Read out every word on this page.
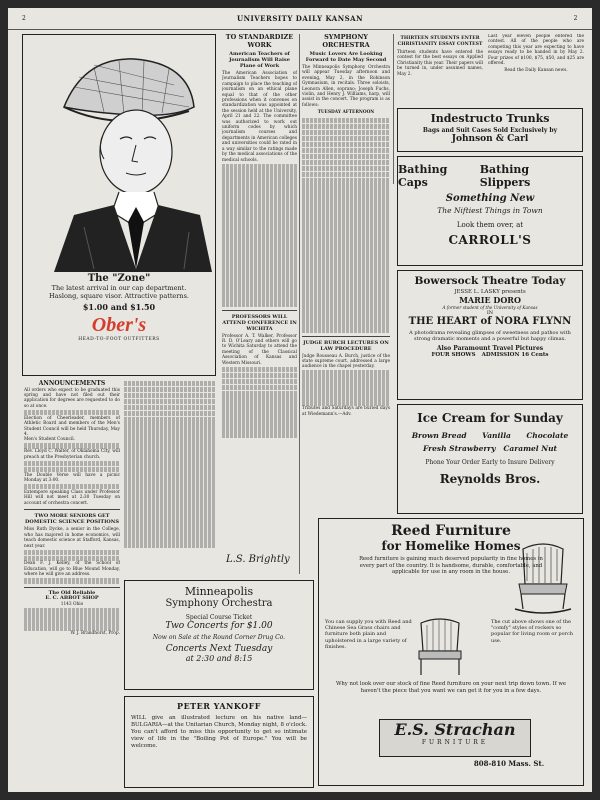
2	UNIVERSITY DAILY KANSAN	2
The "Zone"
The latest arrival in our cap department. Haslong, square visor. Attractive patterns.
$1.00 and $1.50
Ober's
HEAD-TO-FOOT OUTFITTERS
ANNOUNCEMENTS
All orders who expect to be graduated this spring and have not filed out their application for degrees are requested to do so at once.
Election of Cheerleader, members of Athletic Board and members of the Men's Student Council will be held Thursday, May 4.
Men's Student Council.
Rev. Lloyd C. Walter, of Oklahoma City, will preach at the Presbyterian church.
The Double Verse will have a picnic Monday at 3:00.
Extempore speaking Class under Professor Hill will not meet at 2:30 Tuesday on account of orchestra concert.
TWO MORE SENIORS GET DOMESTIC SCIENCE POSITIONS
Miss Ruth Dycke, a senior in the College, who has majored in home economics, will teach domestic science at Stafford, Kansas, next year.
Dean F. J. Kelley, of the School of Education, will go to Blue Mound Monday, where he will give an address.
The Old Reliable
E. C. ABBOT SHOP
1143 Ohio
W. J. Brandhorst, Prop.
TO STANDARDIZE WORK
American Teachers of Journalism Will Raise Plane of Work
The American Association of Journalism Teachers hopes to campaign to place the teaching of journalism on an ethical plane equal to that of the other professions when it convenes on standardization was appointed at the session held at the University, April 21 and 22. The committee was authorized to work out uniform codes by which journalism courses and departments in American colleges and universities could be rated in a way similar to the ratings made by the medical associations of the medical schools.
PROFESSORS WILL ATTEND CONFERENCE IN WICHITA
Professor A. T. Walker, Professor R. D. O'Leary and others will go to Wichita Saturday to attend the meeting of the Classical Association of Kansas and Western Missouri.
SYMPHONY ORCHESTRA
Music Lovers Are Looking Forward to Date May Second
The Minneapolis Symphony Orchestra will appear Tuesday afternoon and evening, May 2, in the Robinson Gymnasium, in recitals. Three soloists, Leonora Allen, soprano; Joseph Fuchs, violin, and Henry J. Williams, harp, will assist in the concert. The program is as follows:
TUESDAY AFTERNOON
JUDGE BURCH LECTURES ON LAW PROCEDURE
Judge Rousseau A. Burch, justice of the state supreme court, addressed a large audience in the chapel yesterday.
Tributes and Saturdays are buried days at Wiedemann's.—Adv.
THIRTEEN STUDENTS ENTER CHRISTIANITY ESSAY CONTEST
Thirteen students have entered the contest for the best essays on Applied Christianity this year. Their papers will be turned in, under assumed names, May 2.
Last year eleven people entered the contest. All of the people who are competing this year are expecting to have essays ready to be handed in by May 2. Four prizes of $100, $75, $50, and $25 are offered.
Read the Daily Kansan news.
Indestructo Trunks
Bags and Suit Cases Sold Exclusively by
Johnson & Carl
Bathing Caps
Bathing Slippers
Something New
The Niftiest Things in Town
Look them over, at
CARROLL'S
Bowersock Theatre Today
JESSE L. LASKY presents
MARIE DORO
A former student of the University of Kansas
IN
THE HEART of NORA FLYNN
A photodrama revealing glimpses of sweetness and pathos with strong dramatic moments and a powerful but happy climax.
Also Paramount Travel Pictures
FOUR SHOWS ADMISSION 16 Cents
Ice Cream for Sunday
Brown Bread Vanilla Chocolate
Fresh Strawberry   Caramel Nut
Phone Your Order Early to Insure Delivery
Reynolds Bros.
Minneapolis
Symphony Orchestra
Special Course Ticket
Two Concerts for $1.00
Now on Sale at the Round Corner Drug Co.
Concerts Next Tuesday
at 2:30 and 8:15
PETER YANKOFF
WILL give an illustrated lecture on his native land—BULGARIA—at the Unitarian Church, Monday night, 8 o'clock. You can't afford to miss this opportunity to get so intimate view of life in the "Boiling Pot of Europe." You will be welcome.
L.S. Brightly
Reed Furniture
for Homelike Homes
Reed furniture is gaining much deserved popularity in fine homes in every part of the country. It is handsome, durable, comfortable, and applicable for use in any room in the house.
You can supply you with Reed and Chinese Sea Grass chairs and furniture both plain and upholstered in a large variety of finishes.
The cut above shows one of the "comfy" styles of rockers so popular for living room or porch use.
Why not look over our stock of fine Reed furniture on your next trip down town. If we haven't the piece that you want we can get it for you in a few days.
E.S. Strachan
FURNITURE
808-810 Mass. St.
